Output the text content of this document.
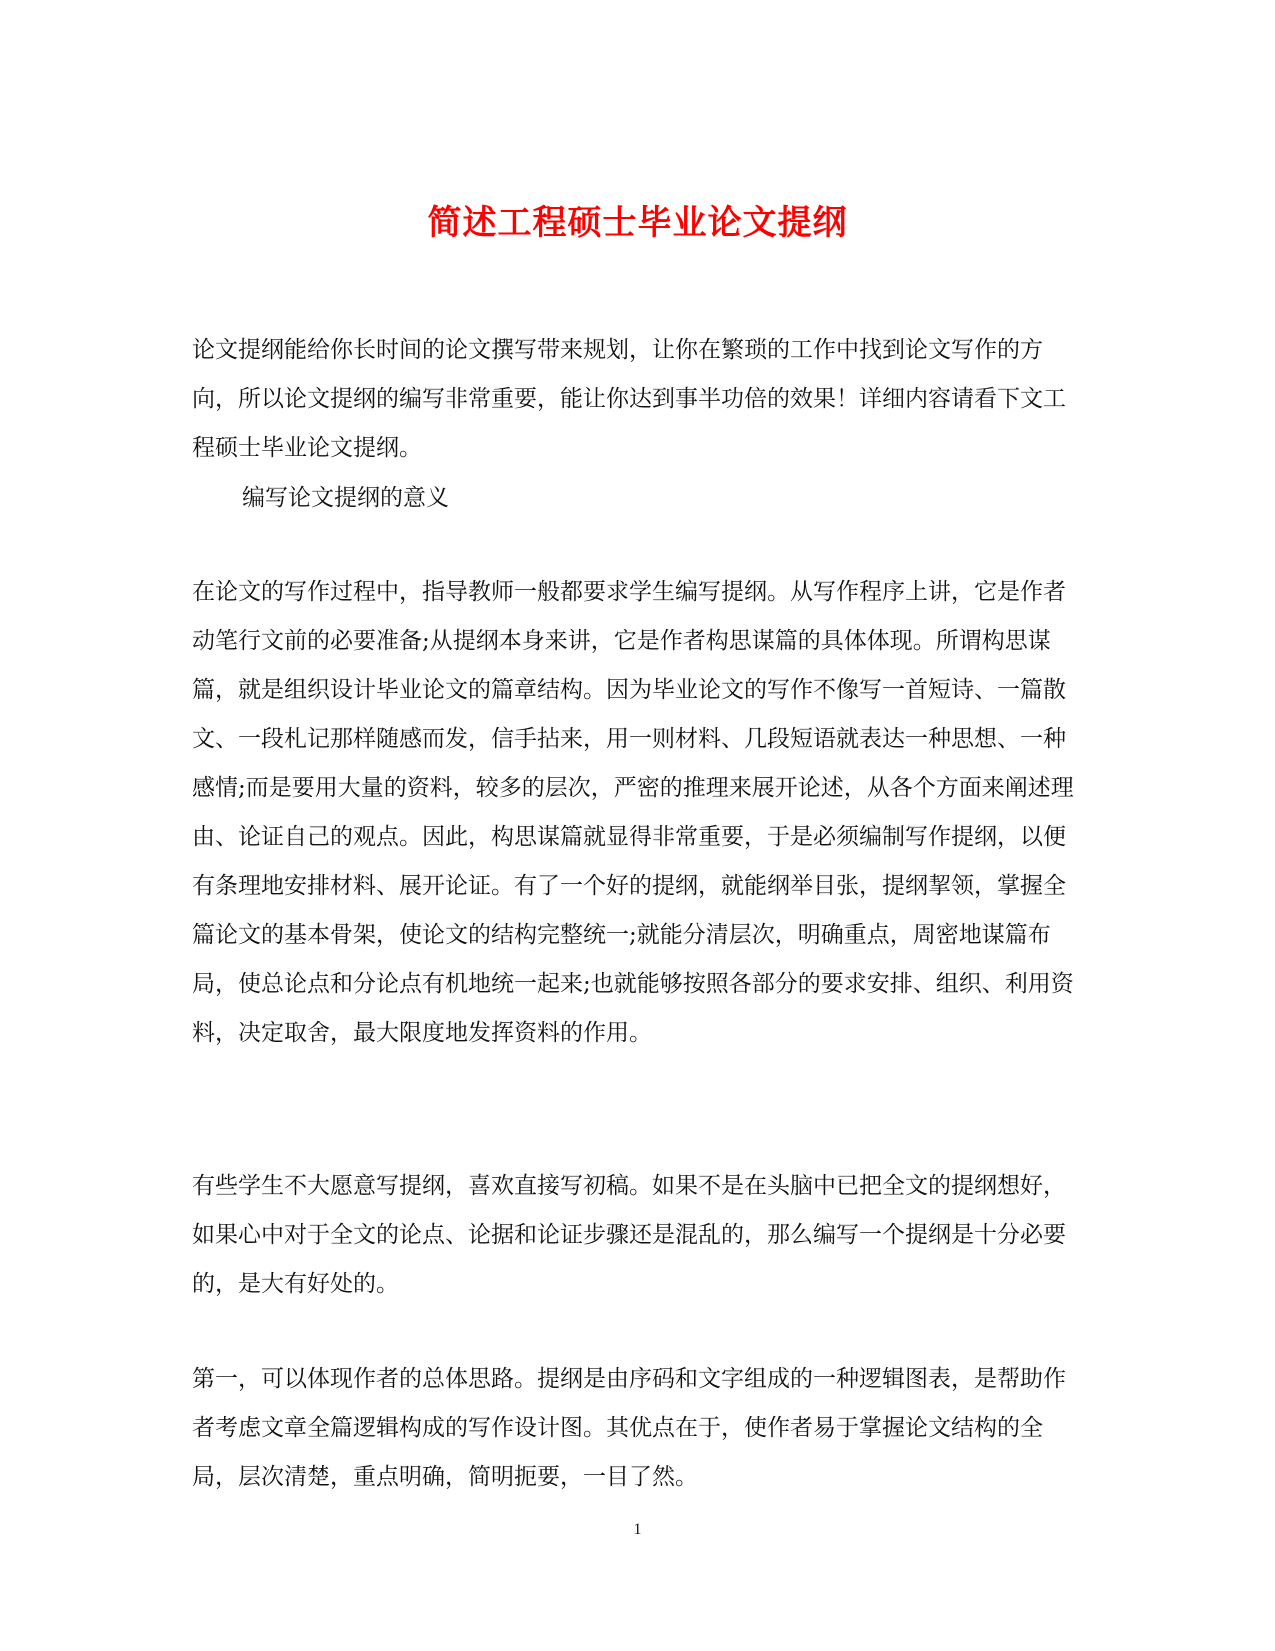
简述工程硕士毕业论文提纲

论文提纲能给你长时间的论文撰写带来规划，让你在繁琐的工作中找到论文写作的方向，所以论文提纲的编写非常重要，能让你达到事半功倍的效果！详细内容请看下文工程硕士毕业论文提纲。

编写论文提纲的意义

在论文的写作过程中，指导教师一般都要求学生编写提纲。从写作程序上讲，它是作者动笔行文前的必要准备;从提纲本身来讲，它是作者构思谋篇的具体体现。所谓构思谋篇，就是组织设计毕业论文的篇章结构。因为毕业论文的写作不像写一首短诗、一篇散文、一段札记那样随感而发，信手拈来，用一则材料、几段短语就表达一种思想、一种感情;而是要用大量的资料，较多的层次，严密的推理来展开论述，从各个方面来阐述理由、论证自己的观点。因此，构思谋篇就显得非常重要，于是必须编制写作提纲，以便有条理地安排材料、展开论证。有了一个好的提纲，就能纲举目张，提纲挈领，掌握全篇论文的基本骨架，使论文的结构完整统一;就能分清层次，明确重点，周密地谋篇布局，使总论点和分论点有机地统一起来;也就能够按照各部分的要求安排、组织、利用资料，决定取舍，最大限度地发挥资料的作用。

有些学生不大愿意写提纲，喜欢直接写初稿。如果不是在头脑中已把全文的提纲想好，如果心中对于全文的论点、论据和论证步骤还是混乱的，那么编写一个提纲是十分必要的，是大有好处的。

第一，可以体现作者的总体思路。提纲是由序码和文字组成的一种逻辑图表，是帮助作者考虑文章全篇逻辑构成的写作设计图。其优点在于，使作者易于掌握论文结构的全局，层次清楚，重点明确，简明扼要，一目了然。

1
